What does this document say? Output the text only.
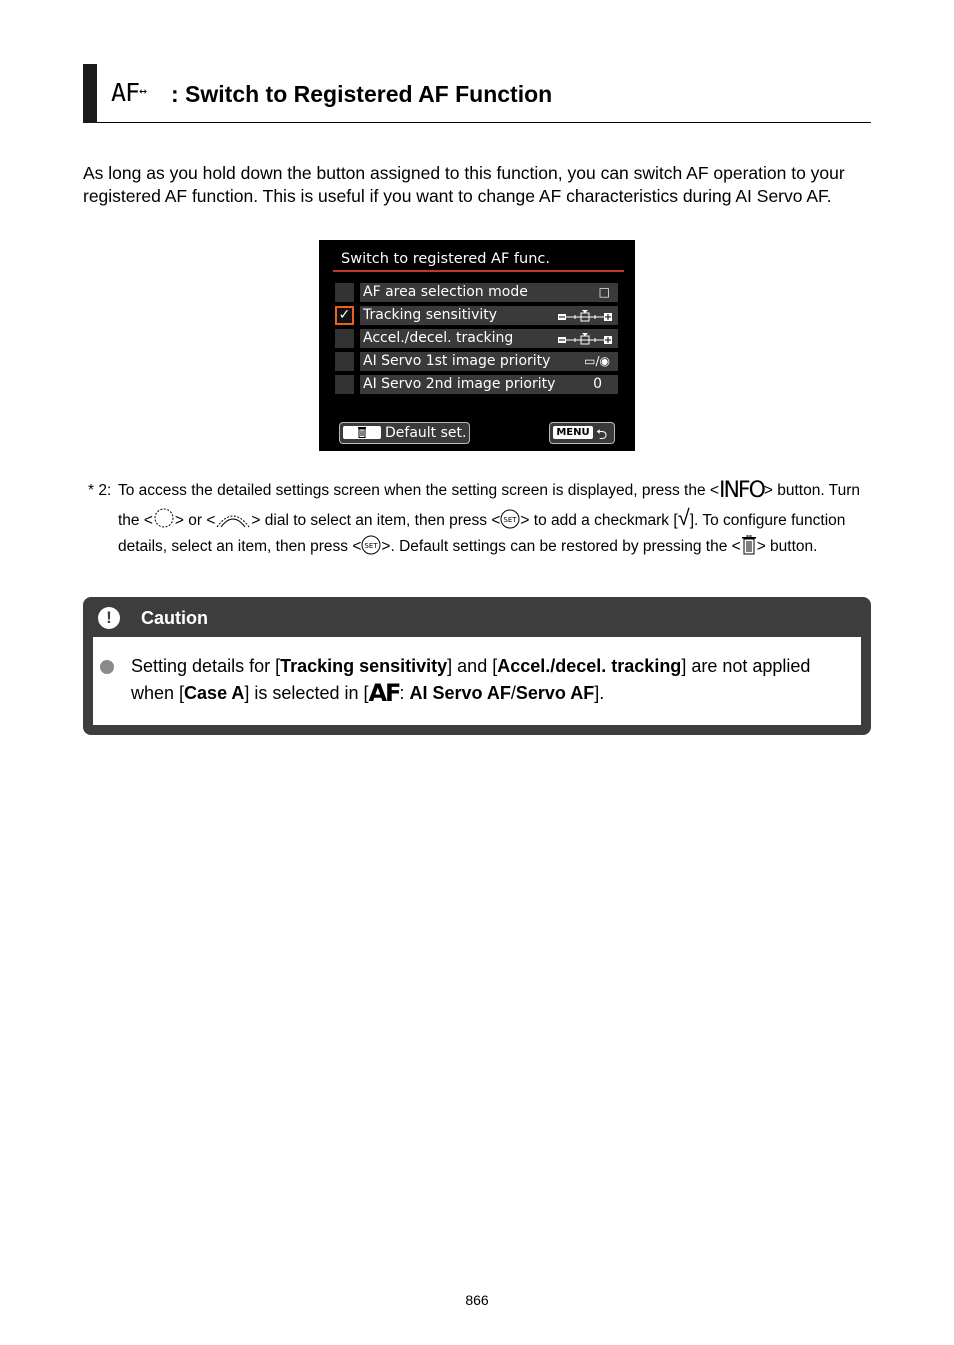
AF↔ : Switch to Registered AF Function
As long as you hold down the button assigned to this function, you can switch AF operation to your registered AF function. This is useful if you want to change AF characteristics during AI Servo AF.
Switch to registered AF func.
AF area selection mode	□
✓ Tracking sensitivity
Accel./decel. tracking
AI Servo 1st image priority	▭/◉
AI Servo 2nd image priority	0
Default set.	MENU ⮌
* 2: To access the detailed settings screen when the setting screen is displayed, press the <INFO> button. Turn the < > or < > dial to select an item, then press < SET > to add a checkmark [√]. To configure function details, select an item, then press < SET >. Default settings can be restored by pressing the < > button.
!	Caution
Setting details for [Tracking sensitivity] and [Accel./decel. tracking] are not applied when [Case A] is selected in [AF: AI Servo AF/Servo AF].
866
